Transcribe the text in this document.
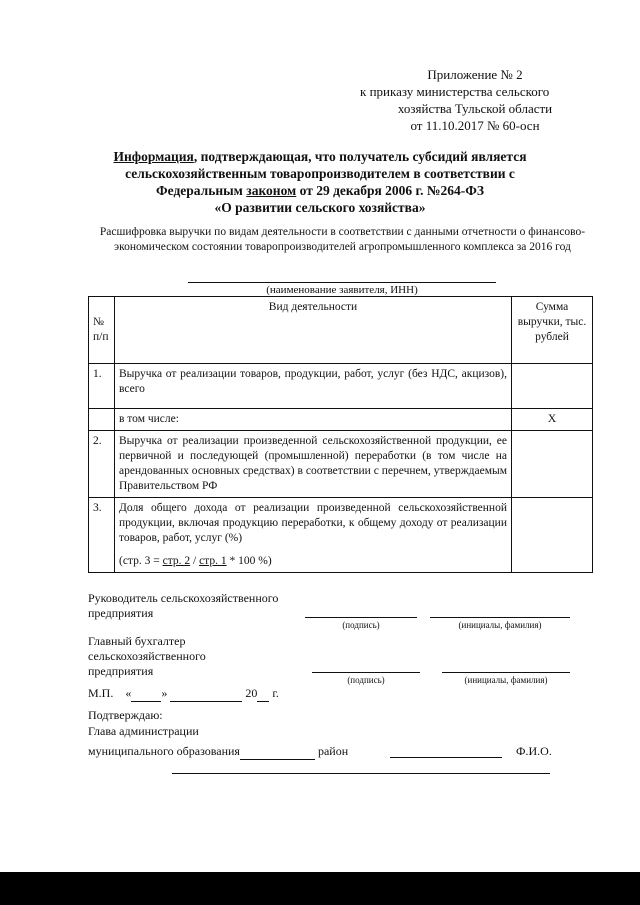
Приложение № 2
к приказу министерства сельского
хозяйства Тульской области
от 11.10.2017 № 60-осн
Информация, подтверждающая, что получатель субсидий является
сельскохозяйственным товаропроизводителем в соответствии с
Федеральным законом от 29 декабря 2006 г. №264-ФЗ
«О развитии сельского хозяйства»
Расшифровка выручки по видам деятельности в соответствии с данными отчетности о финансово-экономическом состоянии товаропроизводителей агропромышленного комплекса за 2016 год
(наименование заявителя, ИНН)
№ п/п	Вид деятельности	Сумма выручки, тыс. рублей
1.	Выручка от реализации товаров, продукции, работ, услуг (без НДС, акцизов), всего	
	в том числе:	X
2.	Выручка от реализации произведенной сельскохозяйственной продукции, ее первичной и последующей (промышленной) переработки (в том числе на арендованных основных средствах) в соответствии с перечнем, утверждаемым Правительством РФ	
3.	Доля общего дохода от реализации произведенной сельскохозяйственной продукции, включая продукцию переработки, к общему доходу от реализации товаров, работ, услуг (%)
(стр. 3 = стр. 2 / стр. 1 * 100 %)	

Руководитель сельскохозяйственного
предприятия
(подпись)	(инициалы, фамилия)
Главный бухгалтер
сельскохозяйственного
предприятия
(подпись)	(инициалы, фамилия)
М.П. «	»	20 г.
Подтверждаю:
Глава администрации
муниципального образования	район	Ф.И.О.
